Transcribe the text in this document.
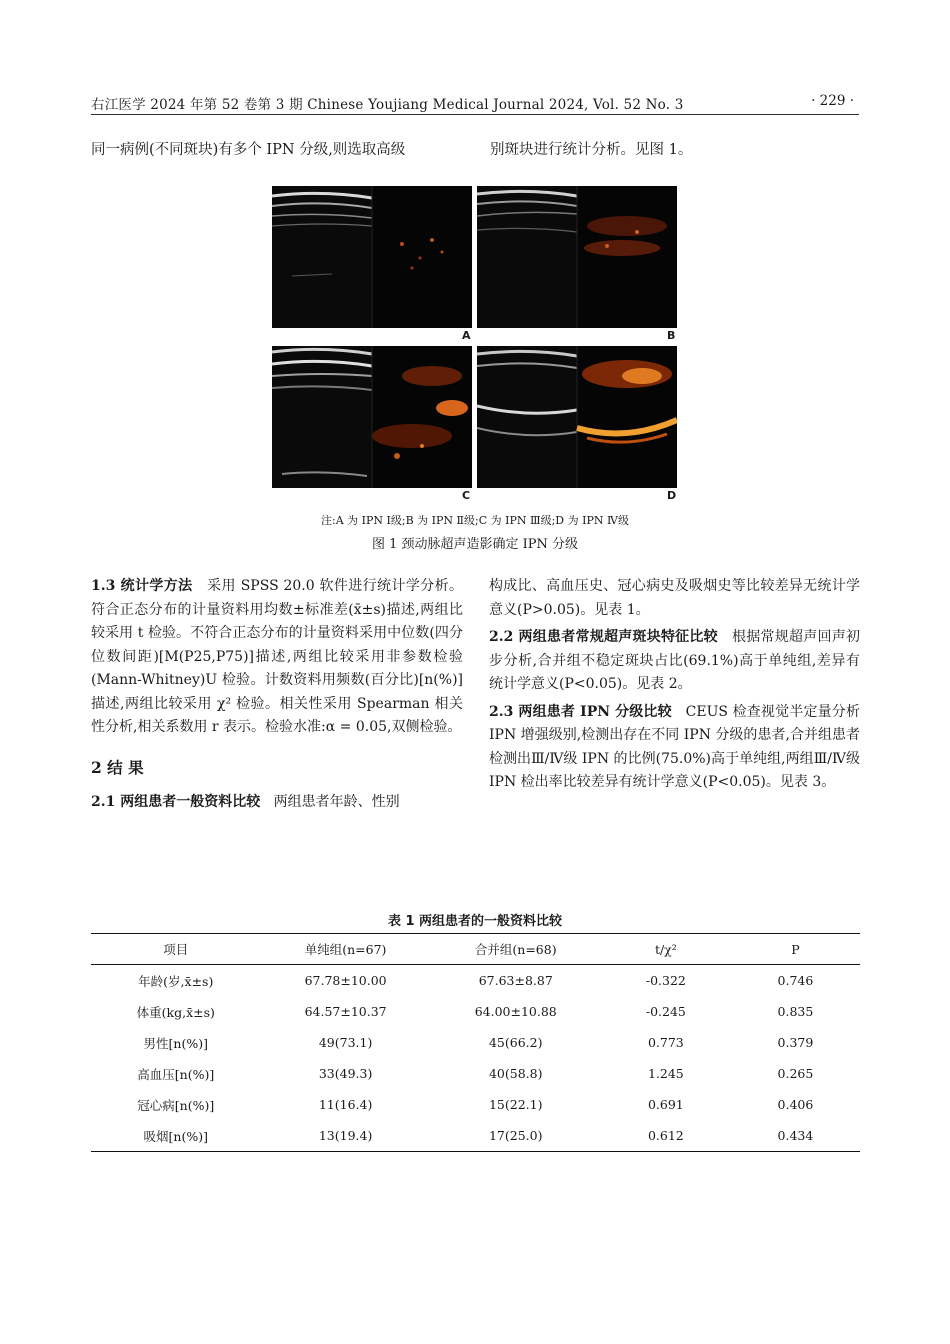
右江医学 2024 年第 52 卷第 3 期 Chinese Youjiang Medical Journal 2024, Vol. 52 No. 3	· 229 ·
同一病例(不同斑块)有多个 IPN 分级,则选取高级	别斑块进行统计分析。见图 1。
A	B
C	D
注:A 为 IPN Ⅰ级;B 为 IPN Ⅱ级;C 为 IPN Ⅲ级;D 为 IPN Ⅳ级
图 1 颈动脉超声造影确定 IPN 分级

1.3 统计学方法 采用 SPSS 20.0 软件进行统计学分析。符合正态分布的计量资料用均数±标准差(x̄±s)描述,两组比较采用 t 检验。不符合正态分布的计量资料采用中位数(四分位数间距)[M(P25,P75)]描述,两组比较采用非参数检验(Mann-Whitney)U 检验。计数资料用频数(百分比)[n(%)]描述,两组比较采用 χ² 检验。相关性采用 Spearman 相关性分析,相关系数用 r 表示。检验水准:α = 0.05,双侧检验。

2 结 果

2.1 两组患者一般资料比较 两组患者年龄、性别

构成比、高血压史、冠心病史及吸烟史等比较差异无统计学意义(P>0.05)。见表 1。

2.2 两组患者常规超声斑块特征比较 根据常规超声回声初步分析,合并组不稳定斑块占比(69.1%)高于单纯组,差异有统计学意义(P<0.05)。见表 2。

2.3 两组患者 IPN 分级比较 CEUS 检查视觉半定量分析 IPN 增强级别,检测出存在不同 IPN 分级的患者,合并组患者检测出Ⅲ/Ⅳ级 IPN 的比例(75.0%)高于单纯组,两组Ⅲ/Ⅳ级 IPN 检出率比较差异有统计学意义(P<0.05)。见表 3。

表 1 两组患者的一般资料比较
项目	单纯组(n=67)	合并组(n=68)	t/χ²	P
年龄(岁,x̄±s)	67.78±10.00	67.63±8.87	-0.322	0.746
体重(kg,x̄±s)	64.57±10.37	64.00±10.88	-0.245	0.835
男性[n(%)]	49(73.1)	45(66.2)	0.773	0.379
高血压[n(%)]	33(49.3)	40(58.8)	1.245	0.265
冠心病[n(%)]	11(16.4)	15(22.1)	0.691	0.406
吸烟[n(%)]	13(19.4)	17(25.0)	0.612	0.434
